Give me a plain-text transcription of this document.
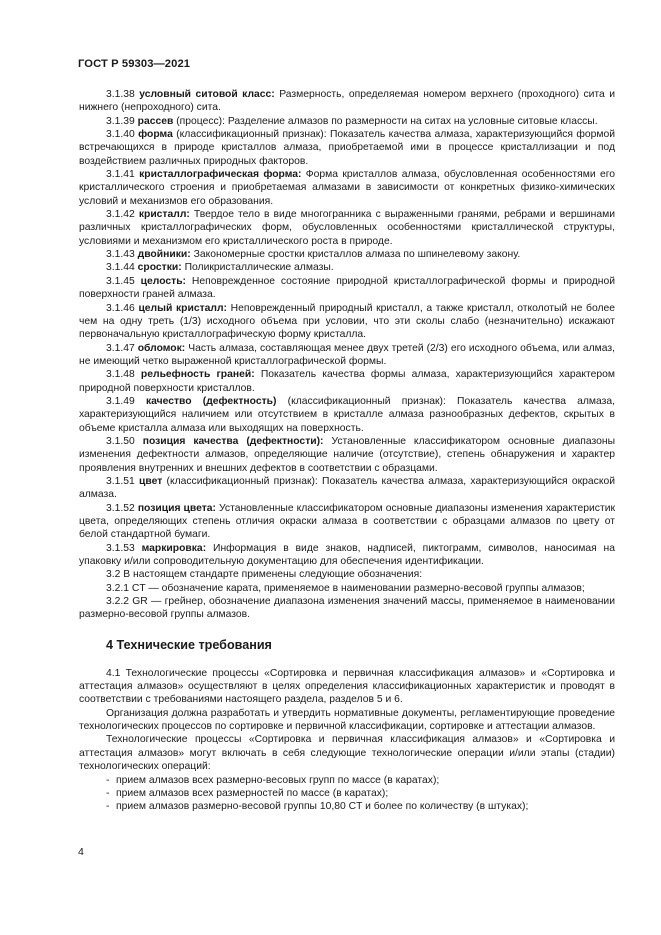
ГОСТ Р 59303—2021

3.1.38 условный ситовой класс: Размерность, определяемая номером верхнего (проходного) сита и нижнего (непроходного) сита.

3.1.39 рассев (процесс): Разделение алмазов по размерности на ситах на условные ситовые классы.

3.1.40 форма (классификационный признак): Показатель качества алмаза, характеризующийся формой встречающихся в природе кристаллов алмаза, приобретаемой ими в процессе кристаллизации и под воздействием различных природных факторов.

3.1.41 кристаллографическая форма: Форма кристаллов алмаза, обусловленная особенностями его кристаллического строения и приобретаемая алмазами в зависимости от конкретных физико-химических условий и механизмов его образования.

3.1.42 кристалл: Твердое тело в виде многогранника с выраженными гранями, ребрами и вершинами различных кристаллографических форм, обусловленных особенностями кристаллической структуры, условиями и механизмом его кристаллического роста в природе.

3.1.43 двойники: Закономерные сростки кристаллов алмаза по шпинелевому закону.

3.1.44 сростки: Поликристаллические алмазы.

3.1.45 целость: Неповрежденное состояние природной кристаллографической формы и природной поверхности граней алмаза.

3.1.46 целый кристалл: Неповрежденный природный кристалл, а также кристалл, отколотый не более чем на одну треть (1/3) исходного объема при условии, что эти сколы слабо (незначительно) искажают первоначальную кристаллографическую форму кристалла.

3.1.47 обломок: Часть алмаза, составляющая менее двух третей (2/3) его исходного объема, или алмаз, не имеющий четко выраженной кристаллографической формы.

3.1.48 рельефность граней: Показатель качества формы алмаза, характеризующийся характером природной поверхности кристаллов.

3.1.49 качество (дефектность) (классификационный признак): Показатель качества алмаза, характеризующийся наличием или отсутствием в кристалле алмаза разнообразных дефектов, скрытых в объеме кристалла алмаза или выходящих на поверхность.

3.1.50 позиция качества (дефектности): Установленные классификатором основные диапазоны изменения дефектности алмазов, определяющие наличие (отсутствие), степень обнаружения и характер проявления внутренних и внешних дефектов в соответствии с образцами.

3.1.51 цвет (классификационный признак): Показатель качества алмаза, характеризующийся окраской алмаза.

3.1.52 позиция цвета: Установленные классификатором основные диапазоны изменения характеристик цвета, определяющих степень отличия окраски алмаза в соответствии с образцами алмазов по цвету от белой стандартной бумаги.

3.1.53 маркировка: Информация в виде знаков, надписей, пиктограмм, символов, наносимая на упаковку и/или сопроводительную документацию для обеспечения идентификации.

3.2 В настоящем стандарте применены следующие обозначения:

3.2.1 CT — обозначение карата, применяемое в наименовании размерно-весовой группы алмазов;

3.2.2 GR — грейнер, обозначение диапазона изменения значений массы, применяемое в наименовании размерно-весовой группы алмазов.

4 Технические требования

4.1 Технологические процессы «Сортировка и первичная классификация алмазов» и «Сортировка и аттестация алмазов» осуществляют в целях определения классификационных характеристик и проводят в соответствии с требованиями настоящего раздела, разделов 5 и 6.

Организация должна разработать и утвердить нормативные документы, регламентирующие проведение технологических процессов по сортировке и первичной классификации, сортировке и аттестации алмазов.

Технологические процессы «Сортировка и первичная классификация алмазов» и «Сортировка и аттестация алмазов» могут включать в себя следующие технологические операции и/или этапы (стадии) технологических операций:

- прием алмазов всех размерно-весовых групп по массе (в каратах);
- прием алмазов всех размерностей по массе (в каратах);
- прием алмазов размерно-весовой группы 10,80 CT и более по количеству (в штуках);
4
